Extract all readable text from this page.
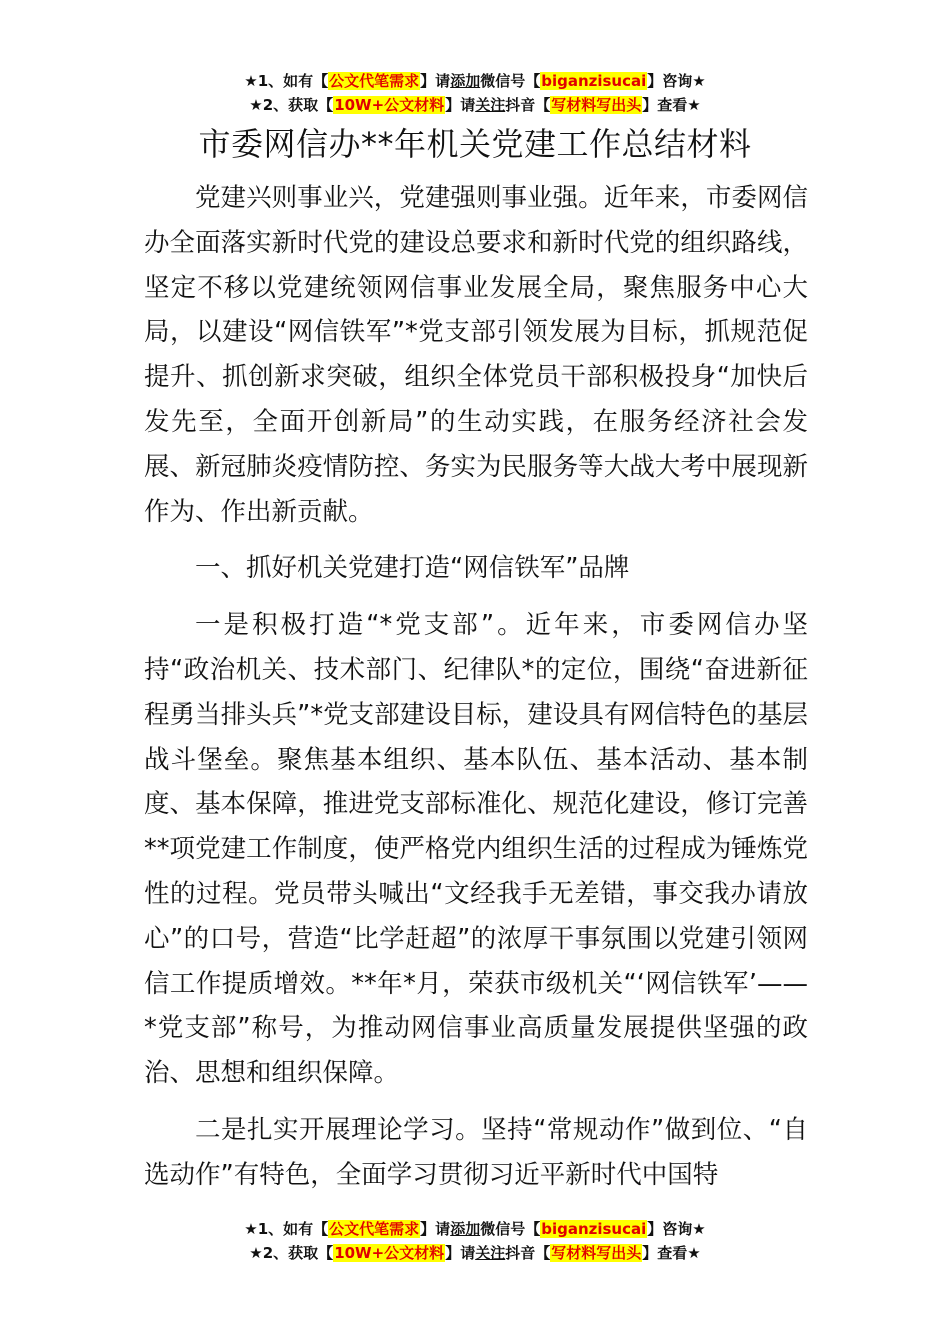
★1、如有【公文代笔需求】请添加微信号【biganzisucai】咨询★
★2、获取【10W+公文材料】请关注抖音【写材料写出头】查看★
市委网信办**年机关党建工作总结材料

党建兴则事业兴，党建强则事业强。近年来，市委网信办全面落实新时代党的建设总要求和新时代党的组织路线，坚定不移以党建统领网信事业发展全局，聚焦服务中心大局，以建设“网信铁军”*党支部引领发展为目标，抓规范促提升、抓创新求突破，组织全体党员干部积极投身“加快后发先至，全面开创新局”的生动实践，在服务经济社会发展、新冠肺炎疫情防控、务实为民服务等大战大考中展现新作为、作出新贡献。

一、抓好机关党建打造“网信铁军”品牌

一是积极打造“*党支部”。近年来，市委网信办坚持“政治机关、技术部门、纪律队*的定位，围绕“奋进新征程勇当排头兵”*党支部建设目标，建设具有网信特色的基层战斗堡垒。聚焦基本组织、基本队伍、基本活动、基本制度、基本保障，推进党支部标准化、规范化建设，修订完善**项党建工作制度，使严格党内组织生活的过程成为锤炼党性的过程。党员带头喊出“文经我手无差错，事交我办请放心”的口号，营造“比学赶超”的浓厚干事氛围以党建引领网信工作提质增效。**年*月，荣获市级机关“‘网信铁军’——*党支部”称号，为推动网信事业高质量发展提供坚强的政治、思想和组织保障。

二是扎实开展理论学习。坚持“常规动作”做到位、“自选动作”有特色，全面学习贯彻习近平新时代中国特

★1、如有【公文代笔需求】请添加微信号【biganzisucai】咨询★
★2、获取【10W+公文材料】请关注抖音【写材料写出头】查看★
